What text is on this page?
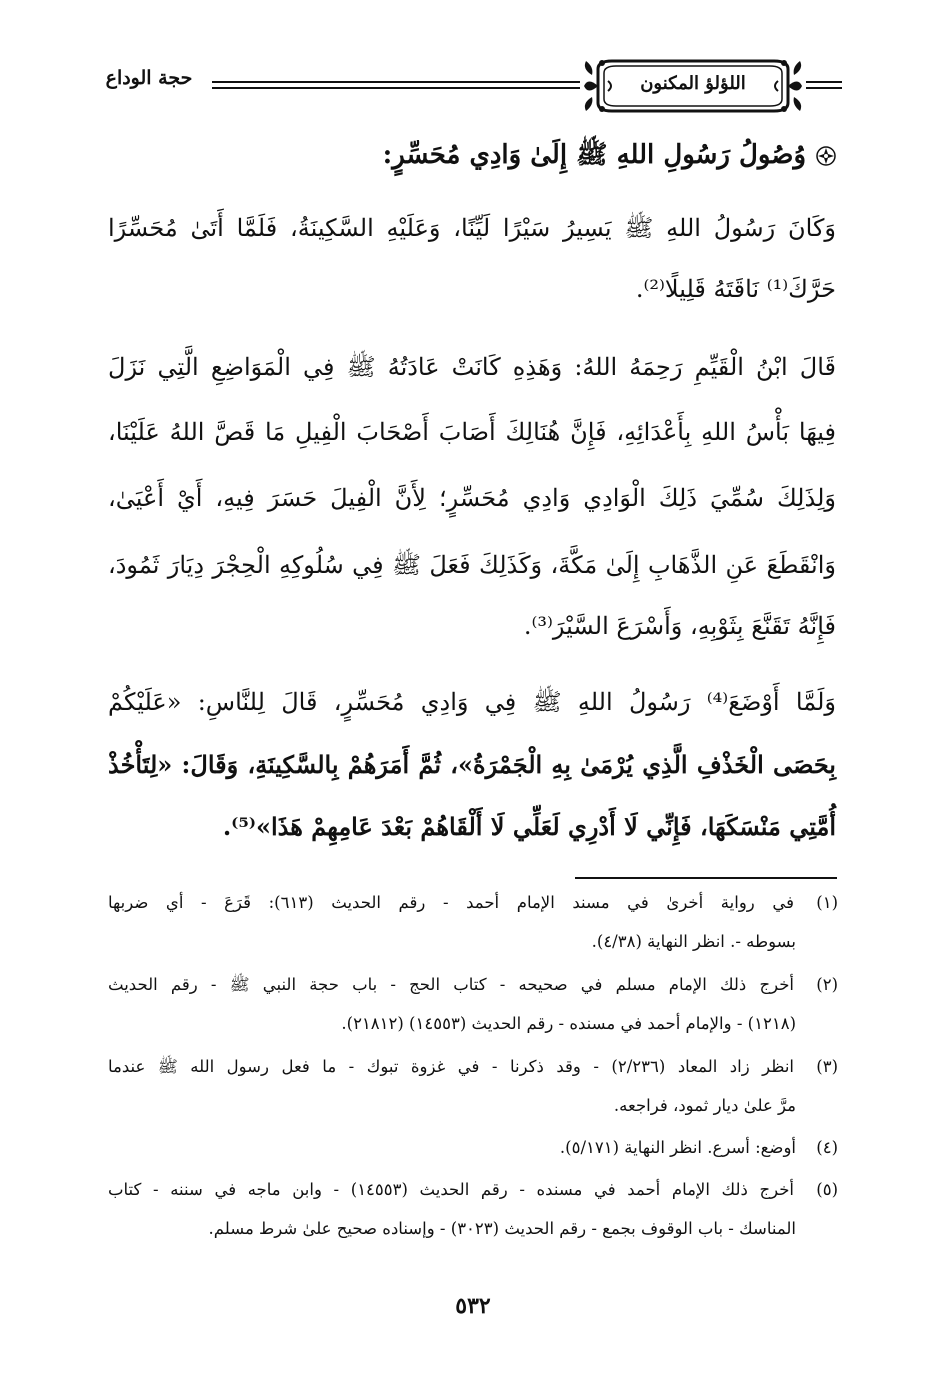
حجة الوداع	اللؤلؤ المكنون
وُصُولُ رَسُولِ اللهِ ﷺ إِلَىٰ وَادِي مُحَسِّرٍ:
وَكَانَ رَسُولُ اللهِ ﷺ يَسِيرُ سَيْرًا لَيِّنًا، وَعَلَيْهِ السَّكِينَةُ، فَلَمَّا أَتَىٰ مُحَسِّرًا
حَرَّكَ⁽¹⁾ نَاقَتَهُ قَلِيلًا⁽²⁾.
قَالَ ابْنُ الْقَيِّمِ رَحِمَهُ اللهُ: وَهَذِهِ كَانَتْ عَادَتُهُ ﷺ فِي الْمَوَاضِعِ الَّتِي نَزَلَ
فِيهَا بَأْسُ اللهِ بِأَعْدَائِهِ، فَإِنَّ هُنَالِكَ أَصَابَ أَصْحَابَ الْفِيلِ مَا قَصَّ اللهُ عَلَيْنَا،
وَلِذَلِكَ سُمِّيَ ذَلِكَ الْوَادِي وَادِي مُحَسِّرٍ؛ لِأَنَّ الْفِيلَ حَسَرَ فِيهِ، أَيْ أَعْيَىٰ،
وَانْقَطَعَ عَنِ الذَّهَابِ إِلَىٰ مَكَّةَ، وَكَذَلِكَ فَعَلَ ﷺ فِي سُلُوكِهِ الْحِجْرَ دِيَارَ ثَمُودَ،
فَإِنَّهُ تَقَنَّعَ بِثَوْبِهِ، وَأَسْرَعَ السَّيْرَ⁽³⁾.
وَلَمَّا أَوْضَعَ⁽⁴⁾ رَسُولُ اللهِ ﷺ فِي وَادِي مُحَسِّرٍ، قَالَ لِلنَّاسِ: «عَلَيْكُمْ
بِحَصَى الْخَذْفِ الَّذِي يُرْمَىٰ بِهِ الْجَمْرَةُ»، ثُمَّ أَمَرَهُمْ بِالسَّكِينَةِ، وَقَالَ: «لِتَأْخُذْ
أُمَّتِي مَنْسَكَهَا، فَإِنِّي لَا أَدْرِي لَعَلِّي لَا أَلْقَاهُمْ بَعْدَ عَامِهِمْ هَذَا»⁽⁵⁾.
(١)
في رواية أخرىٰ في مسند الإمام أحمد - رقم الحديث (٦١٣): قَرَعَ - أي ضربها
بسوطه -. انظر النهاية (٤/٣٨).
(٢)
أخرج ذلك الإمام مسلم في صحيحه - كتاب الحج - باب حجة النبي ﷺ - رقم الحديث
(١٢١٨) - والإمام أحمد في مسنده - رقم الحديث (١٤٥٥٣) (٢١٨١٢).
(٣)
انظر زاد المعاد (٢/٢٣٦) - وقد ذكرنا - في غزوة تبوك - ما فعل رسول الله ﷺ عندما
مرَّ علىٰ ديار ثمود، فراجعه.
(٤)
أوضع: أسرع. انظر النهاية (٥/١٧١).
(٥)
أخرج ذلك الإمام أحمد في مسنده - رقم الحديث (١٤٥٥٣) - وابن ماجه في سننه - كتاب
المناسك - باب الوقوف بجمع - رقم الحديث (٣٠٢٣) - وإسناده صحيح علىٰ شرط مسلم.
٥٣٢
